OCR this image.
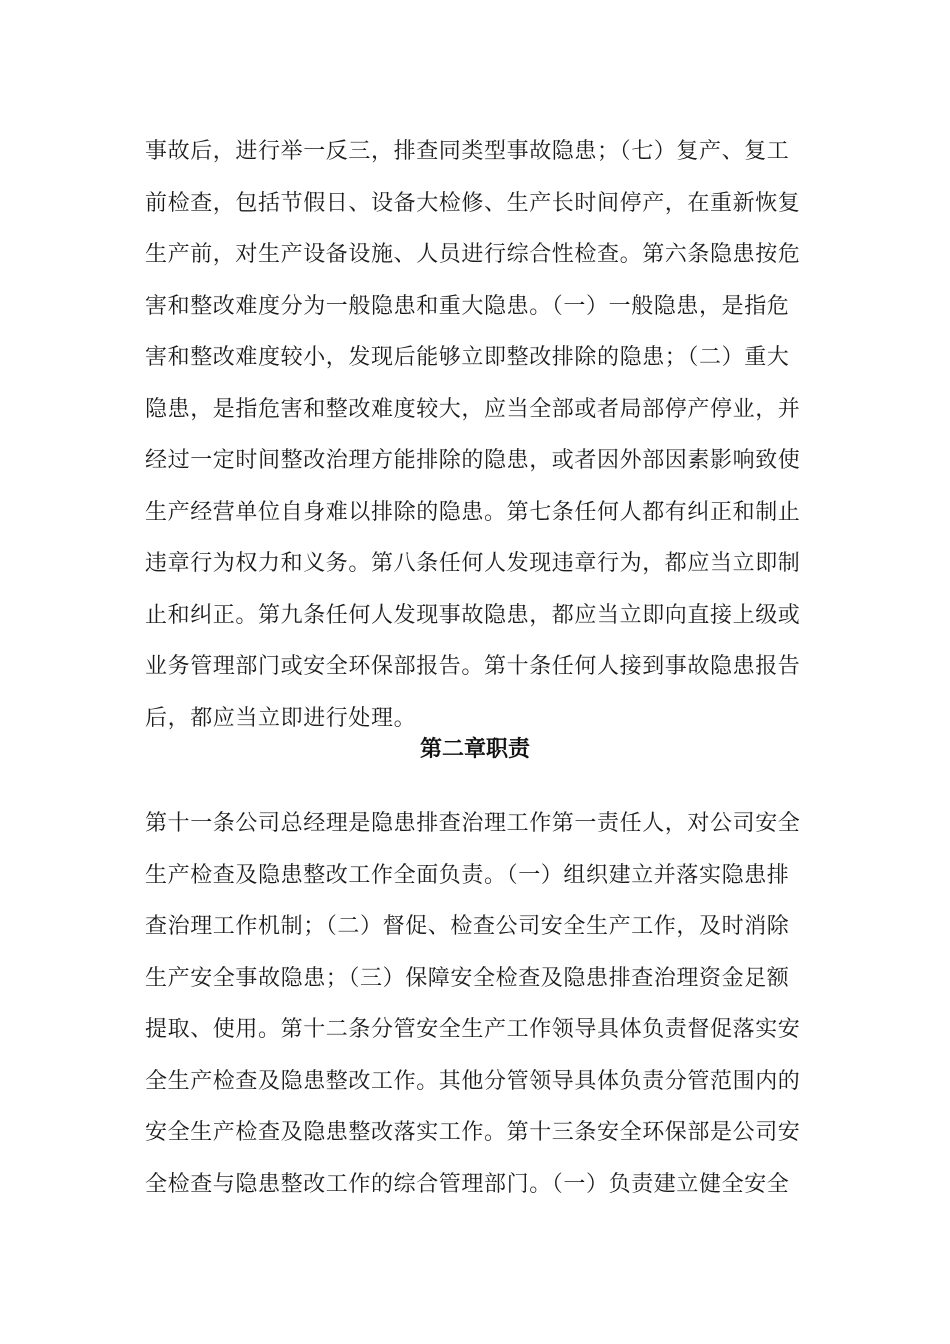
事故后，进行举一反三，排查同类型事故隐患；（七）复产、复工
前检查，包括节假日、设备大检修、生产长时间停产，在重新恢复
生产前，对生产设备设施、人员进行综合性检查。第六条隐患按危
害和整改难度分为一般隐患和重大隐患。（一）一般隐患，是指危
害和整改难度较小，发现后能够立即整改排除的隐患；（二）重大
隐患，是指危害和整改难度较大，应当全部或者局部停产停业，并
经过一定时间整改治理方能排除的隐患，或者因外部因素影响致使
生产经营单位自身难以排除的隐患。第七条任何人都有纠正和制止
违章行为权力和义务。第八条任何人发现违章行为，都应当立即制
止和纠正。第九条任何人发现事故隐患，都应当立即向直接上级或
业务管理部门或安全环保部报告。第十条任何人接到事故隐患报告
后，都应当立即进行处理。

第二章职责

第十一条公司总经理是隐患排查治理工作第一责任人，对公司安全
生产检查及隐患整改工作全面负责。（一）组织建立并落实隐患排
查治理工作机制；（二）督促、检查公司安全生产工作，及时消除
生产安全事故隐患；（三）保障安全检查及隐患排查治理资金足额
提取、使用。第十二条分管安全生产工作领导具体负责督促落实安
全生产检查及隐患整改工作。其他分管领导具体负责分管范围内的
安全生产检查及隐患整改落实工作。第十三条安全环保部是公司安
全检查与隐患整改工作的综合管理部门。（一）负责建立健全安全
